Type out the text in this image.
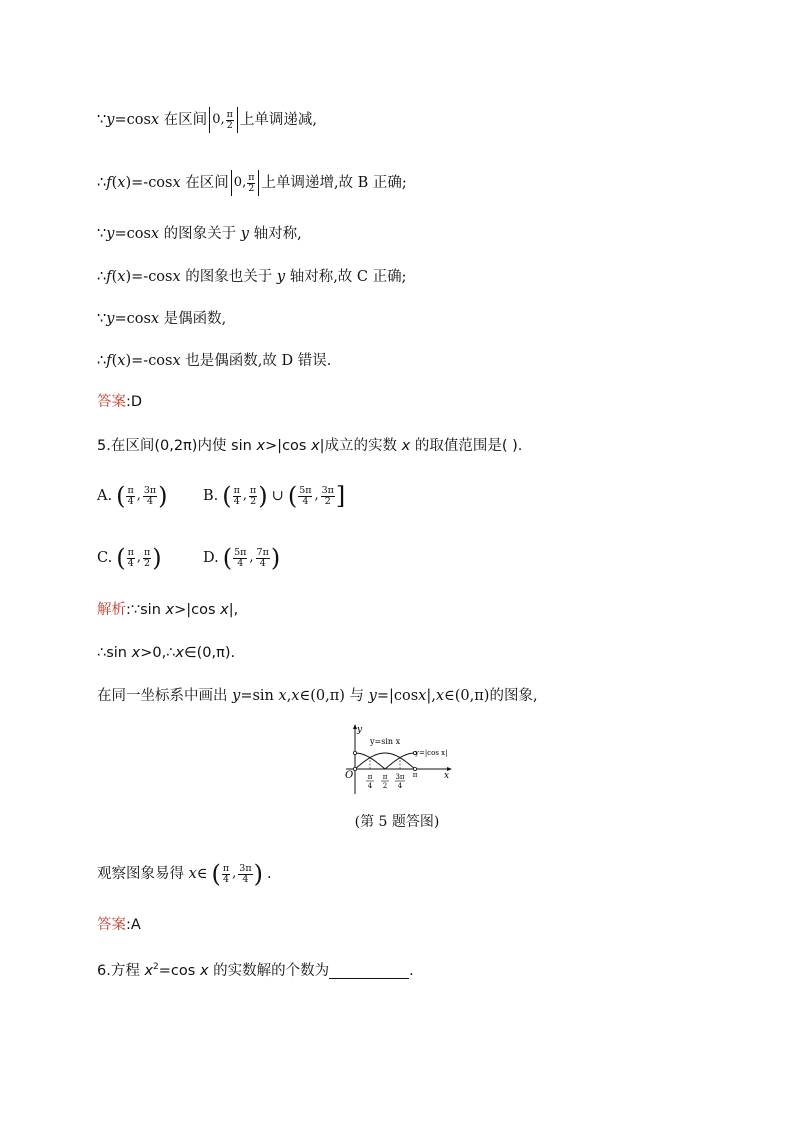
∵y=cosx 在区间 0 , $\frac{\pi}{2}$ 上单调递减,
∴f(x)=-cosx 在区间 0 , $\frac{\pi}{2}$ 上单调递增,故 B 正确;
∵y=cosx 的图象关于 y 轴对称,
∴f(x)=-cosx 的图象也关于 y 轴对称,故 C 正确;
∵y=cosx 是偶函数,
∴f(x)=-cosx 也是偶函数,故 D 错误.
答案:D
5.在区间(0,2π)内使 sin x>|cos x|成立的实数 x 的取值范围是( ).
A. ( $\frac{\pi}{4}$ , $\frac{3\pi}{4}$ ) B. ( $\frac{\pi}{4}$ , $\frac{\pi}{2}$ ) ∪ ( $\frac{5\pi}{4}$ , $\frac{3\pi}{2}$ ]
C. ( $\frac{\pi}{4}$ , $\frac{\pi}{2}$ )	D. ( $\frac{5\pi}{4}$ , $\frac{7\pi}{4}$ )
解析:∵sin x>|cos x|,
∴sin x>0,∴x∈(0,π).
在同一坐标系中画出 y=sin x,x∈(0,π) 与 y=|cosx|,x∈(0,π)的图象,
y
x
O
y=sin x
y=|cos x|
π
4
π
2
3π
4
π
(第 5 题答图)
观察图象易得 x∈ ( $\frac{\pi}{4}$ , $\frac{3\pi}{4}$ ) .
答案:A
6.方程 $x^2=\cos$ x 的实数解的个数为	.
